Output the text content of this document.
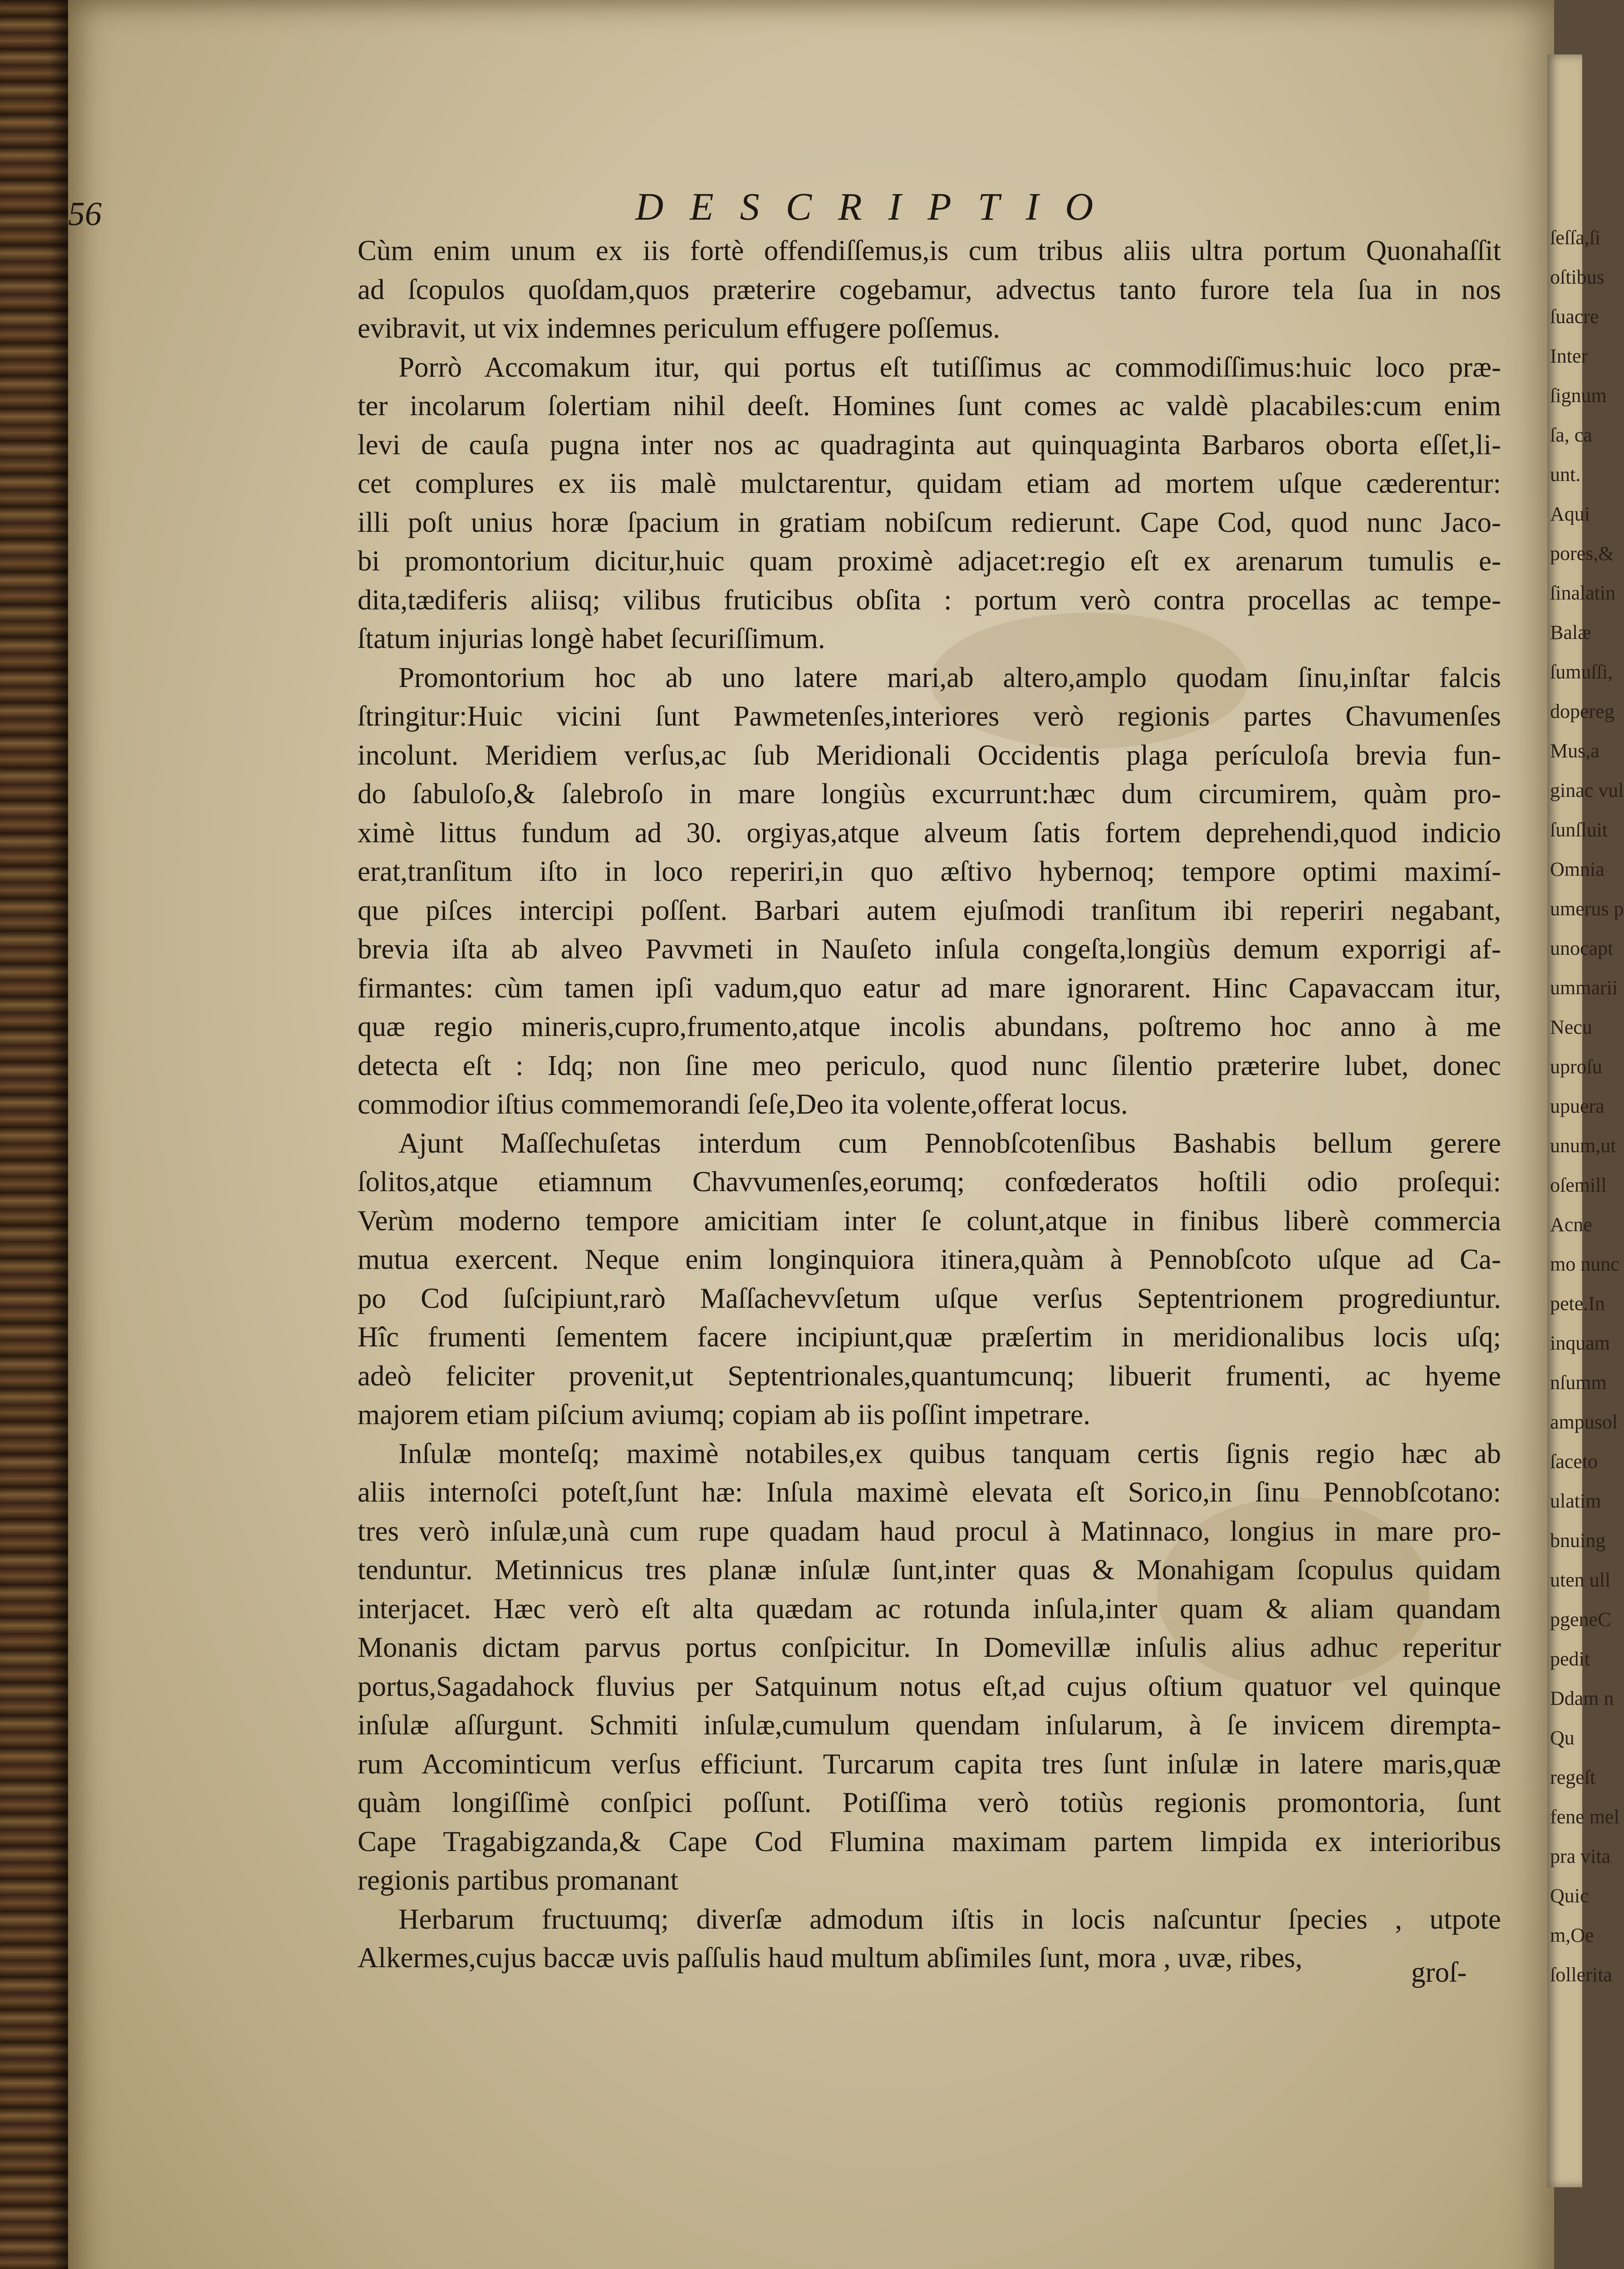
ſeſſa,ſi
oſtibus
ſuacre
Inter
ſignum
ſa, ca
unt.
Aqui
pores,&
ſinalatin
Balæ
ſumuſſi,
dopereg
Mus,a
ginac vul
ſunſluit
Omnia
umerus p
unocapt
ummarii
Necu
uproſu
upuera
unum,ut
oſemill
Acne
mo nunc
pete.In
inquam
nſumm
ampusol
ſaceto
ulatim
bnuing
uten ull
pgeneC
pedit
Ddam n
Qu
regeſt
fene mel
pra vita
Quic
m,Oe
ſollerita
56	DESCRIPTIO
Cùm enim unum ex iis fortè offendiſſemus,is cum tribus aliis ultra portum Quonahaſſit
ad ſcopulos quoſdam,quos præterire cogebamur, advectus tanto furore tela ſua in nos
evibravit, ut vix indemnes periculum effugere poſſemus.
Porrò Accomakum itur, qui portus eſt tutiſſimus ac commodiſſimus:huic loco præ-
ter incolarum ſolertiam nihil deeſt. Homines ſunt comes ac valdè placabiles:cum enim
levi de cauſa pugna inter nos ac quadraginta aut quinquaginta Barbaros oborta eſſet,li-
cet complures ex iis malè mulctarentur, quidam etiam ad mortem uſque cæderentur:
illi poſt unius horæ ſpacium in gratiam nobiſcum redierunt. Cape Cod, quod nunc Jaco-
bi promontorium dicitur,huic quam proximè adjacet:regio eſt ex arenarum tumulis e-
dita,tædiferis aliisq; vilibus fruticibus obſita : portum verò contra procellas ac tempe-
ſtatum injurias longè habet ſecuriſſimum.
Promontorium hoc ab uno latere mari,ab altero,amplo quodam ſinu,inſtar falcis
ſtringitur:Huic vicini ſunt Pawmetenſes,interiores verò regionis partes Chavumenſes
incolunt. Meridiem verſus,ac ſub Meridionali Occidentis plaga perículoſa brevia fun-
do ſabuloſo,& ſalebroſo in mare longiùs excurrunt:hæc dum circumirem, quàm pro-
ximè littus fundum ad 30. orgiyas,atque alveum ſatis fortem deprehendi,quod indicio
erat,tranſitum iſto in loco reperiri,in quo æſtivo hybernoq; tempore optimi maximí-
que piſces intercipi poſſent. Barbari autem ejuſmodi tranſitum ibi reperiri negabant,
brevia iſta ab alveo Pavvmeti in Nauſeto inſula congeſta,longiùs demum exporrigi af-
firmantes: cùm tamen ipſi vadum,quo eatur ad mare ignorarent. Hinc Capavaccam itur,
quæ regio mineris,cupro,frumento,atque incolis abundans, poſtremo hoc anno à me
detecta eſt : Idq; non ſine meo periculo, quod nunc ſilentio præterire lubet, donec
commodior iſtius commemorandi ſeſe,Deo ita volente,offerat locus.
Ajunt Maſſechuſetas interdum cum Pennobſcotenſibus Bashabis bellum gerere
ſolitos,atque etiamnum Chavvumenſes,eorumq; confœderatos hoſtili odio proſequi:
Verùm moderno tempore amicitiam inter ſe colunt,atque in finibus liberè commercia
mutua exercent. Neque enim longinquiora itinera,quàm à Pennobſcoto uſque ad Ca-
po Cod ſuſcipiunt,rarò Maſſachevvſetum uſque verſus Septentrionem progrediuntur.
Hîc frumenti ſementem facere incipiunt,quæ præſertim in meridionalibus locis uſq;
adeò feliciter provenit,ut Septentrionales,quantumcunq; libuerit frumenti, ac hyeme
majorem etiam piſcium aviumq; copiam ab iis poſſint impetrare.
Inſulæ monteſq; maximè notabiles,ex quibus tanquam certis ſignis regio hæc ab
aliis internoſci poteſt,ſunt hæ: Inſula maximè elevata eſt Sorico,in ſinu Pennobſcotano:
tres verò inſulæ,unà cum rupe quadam haud procul à Matinnaco, longius in mare pro-
tenduntur. Metinnicus tres planæ inſulæ ſunt,inter quas & Monahigam ſcopulus quidam
interjacet. Hæc verò eſt alta quædam ac rotunda inſula,inter quam & aliam quandam
Monanis dictam parvus portus conſpicitur. In Domevillæ inſulis alius adhuc reperitur
portus,Sagadahock fluvius per Satquinum notus eſt,ad cujus oſtium quatuor vel quinque
inſulæ aſſurgunt. Schmiti inſulæ,cumulum quendam inſularum, à ſe invicem dirempta-
rum Accominticum verſus efficiunt. Turcarum capita tres ſunt inſulæ in latere maris,quæ
quàm longiſſimè conſpici poſſunt. Potiſſima verò totiùs regionis promontoria, ſunt
Cape Tragabigzanda,& Cape Cod Flumina maximam partem limpida ex interioribus
regionis partibus promanant
Herbarum fructuumq; diverſæ admodum iſtis in locis naſcuntur ſpecies , utpote
Alkermes,cujus baccæ uvis paſſulis haud multum abſimiles ſunt, mora , uvæ, ribes,	groſ-
